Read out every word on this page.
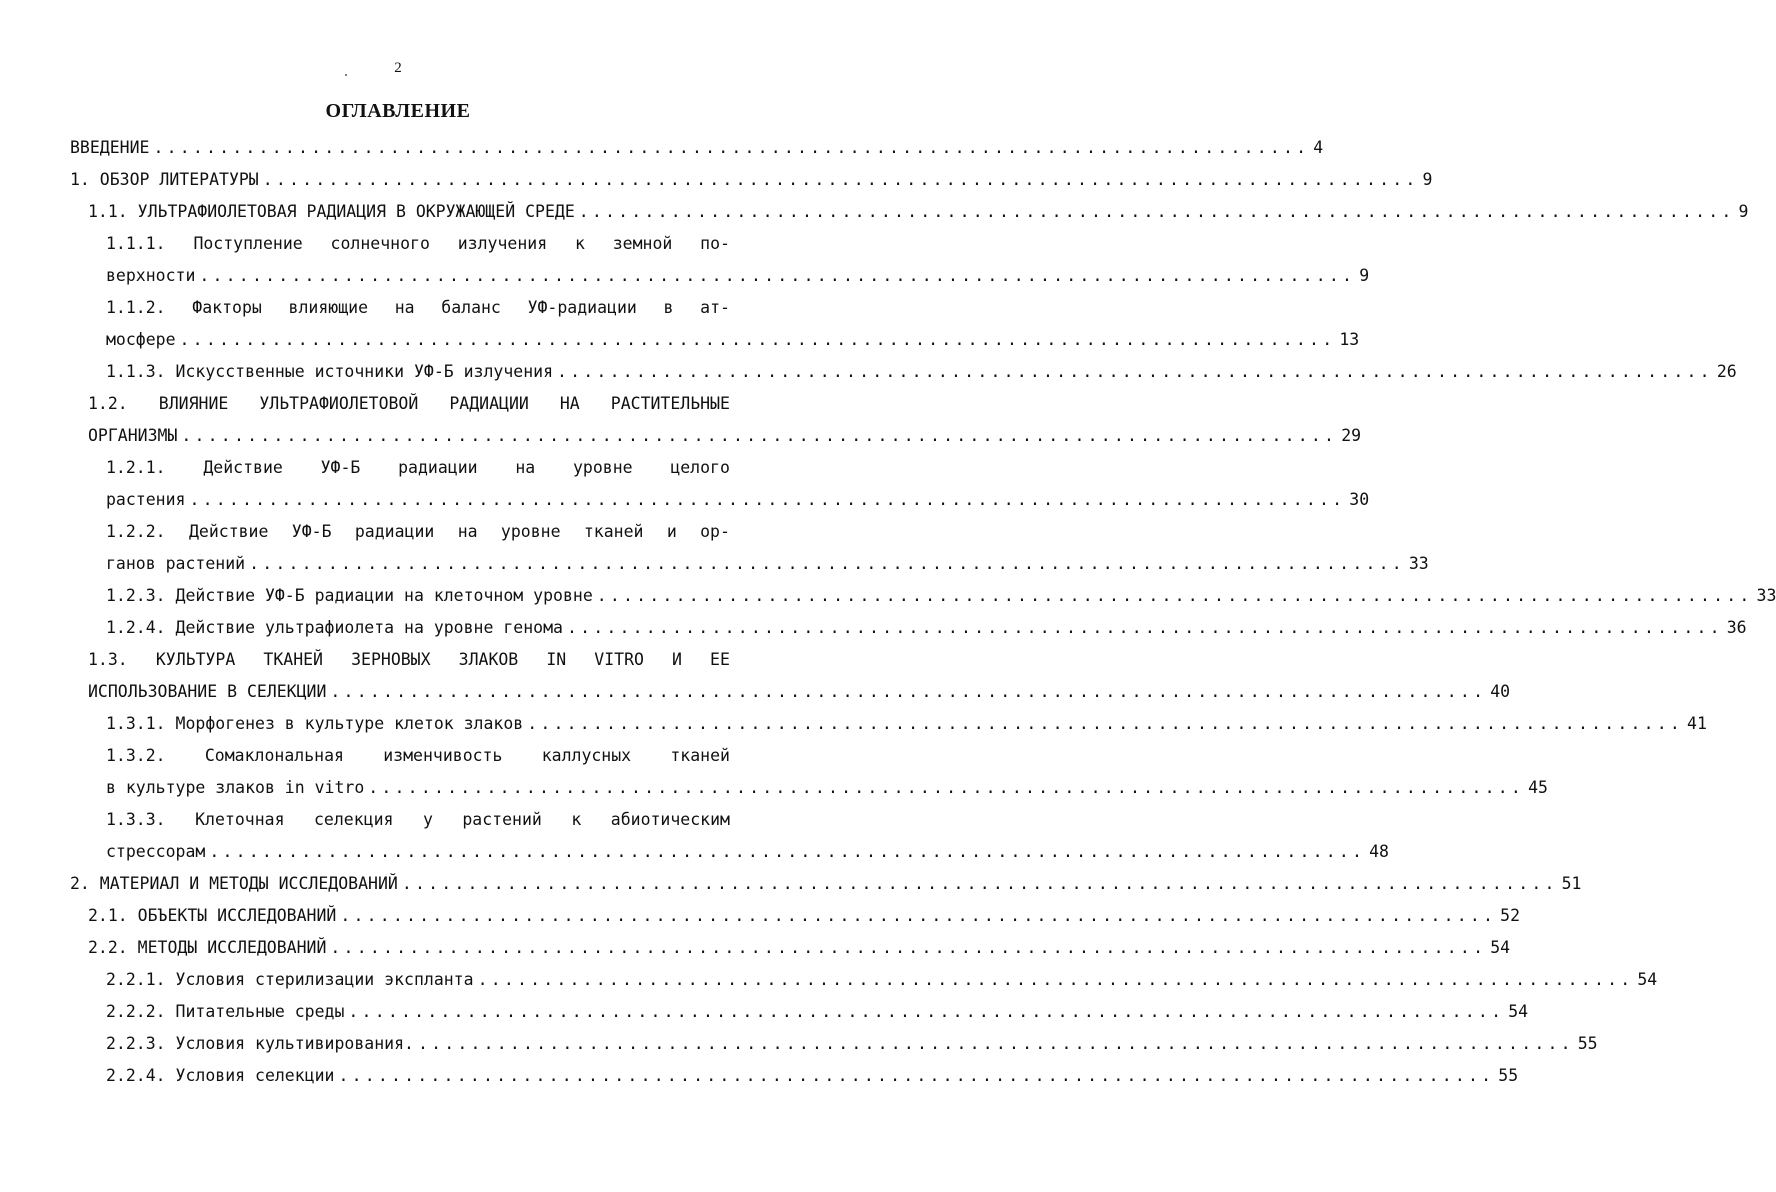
2
ОГЛАВЛЕНИЕ
ВВЕДЕНИЕ ........................................................................................ 4
1. ОБЗОР ЛИТЕРАТУРЫ ........................................................................................ 9
1.1. УЛЬТРАФИОЛЕТОВАЯ РАДИАЦИЯ В ОКРУЖАЮЩЕЙ СРЕДЕ ........................................................................................ 9
1.1.1. Поступление солнечного излучения к земной по-
верхности ........................................................................................ 9
1.1.2. Факторы влияющие на баланс УФ-радиации в ат-
мосфере ........................................................................................ 13
1.1.3. Искусственные источники УФ-Б излучения ........................................................................................ 26
1.2. ВЛИЯНИЕ УЛЬТРАФИОЛЕТОВОЙ РАДИАЦИИ НА РАСТИТЕЛЬНЫЕ
ОРГАНИЗМЫ ........................................................................................ 29
1.2.1. Действие УФ-Б радиации на уровне целого
растения ........................................................................................ 30
1.2.2. Действие УФ-Б радиации на уровне тканей и ор-
ганов растений ........................................................................................ 33
1.2.3. Действие УФ-Б радиации на клеточном уровне ........................................................................................ 33
1.2.4. Действие ультрафиолета на уровне генома ........................................................................................ 36
1.3. КУЛЬТУРА ТКАНЕЙ ЗЕРНОВЫХ ЗЛАКОВ IN VITRO И ЕЕ
ИСПОЛЬЗОВАНИЕ В СЕЛЕКЦИИ ........................................................................................ 40
1.3.1. Морфогенез в культуре клеток злаков ........................................................................................ 41
1.3.2. Сомаклональная изменчивость каллусных тканей
в культуре злаков in vitro ........................................................................................ 45
1.3.3. Клеточная селекция у растений к абиотическим
стрессорам ........................................................................................ 48
2. МАТЕРИАЛ И МЕТОДЫ ИССЛЕДОВАНИЙ ........................................................................................ 51
2.1. ОБЪЕКТЫ ИССЛЕДОВАНИЙ ........................................................................................ 52
2.2. МЕТОДЫ ИССЛЕДОВАНИЙ ........................................................................................ 54
2.2.1. Условия стерилизации экспланта ........................................................................................ 54
2.2.2. Питательные среды ........................................................................................ 54
2.2.3. Условия культивирования. ........................................................................................ 55
2.2.4. Условия селекции ........................................................................................ 55
